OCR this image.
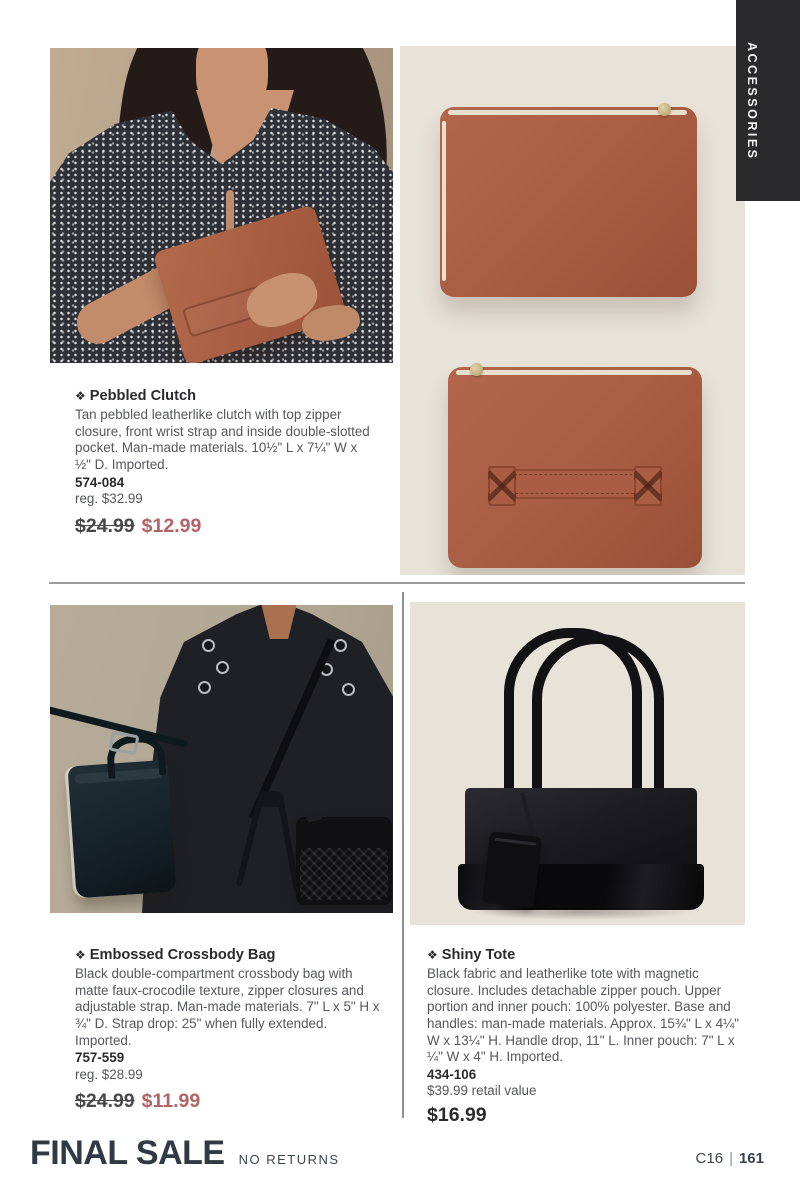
ACCESSORIES
❖ Pebbled Clutch
Tan pebbled leatherlike clutch with top zipper closure, front wrist strap and inside double-slotted pocket. Man-made materials. 10½" L x 7¼" W x ½" D. Imported.
574-084
reg. $32.99
$24.99 $12.99
❖ Embossed Crossbody Bag
Black double-compartment crossbody bag with matte faux-crocodile texture, zipper closures and adjustable strap. Man-made materials. 7" L x 5" H x ¾" D. Strap drop: 25" when fully extended. Imported.
757-559
reg. $28.99
$24.99 $11.99
❖ Shiny Tote
Black fabric and leatherlike tote with magnetic closure. Includes detachable zipper pouch. Upper portion and inner pouch: 100% polyester. Base and handles: man-made materials. Approx. 15¾" L x 4¼" W x 13¼" H. Handle drop, 11" L. Inner pouch: 7" L x ¼" W x 4" H. Imported.
434-106
$39.99 retail value
$16.99
FINAL SALE NO RETURNS	C16 | 161
